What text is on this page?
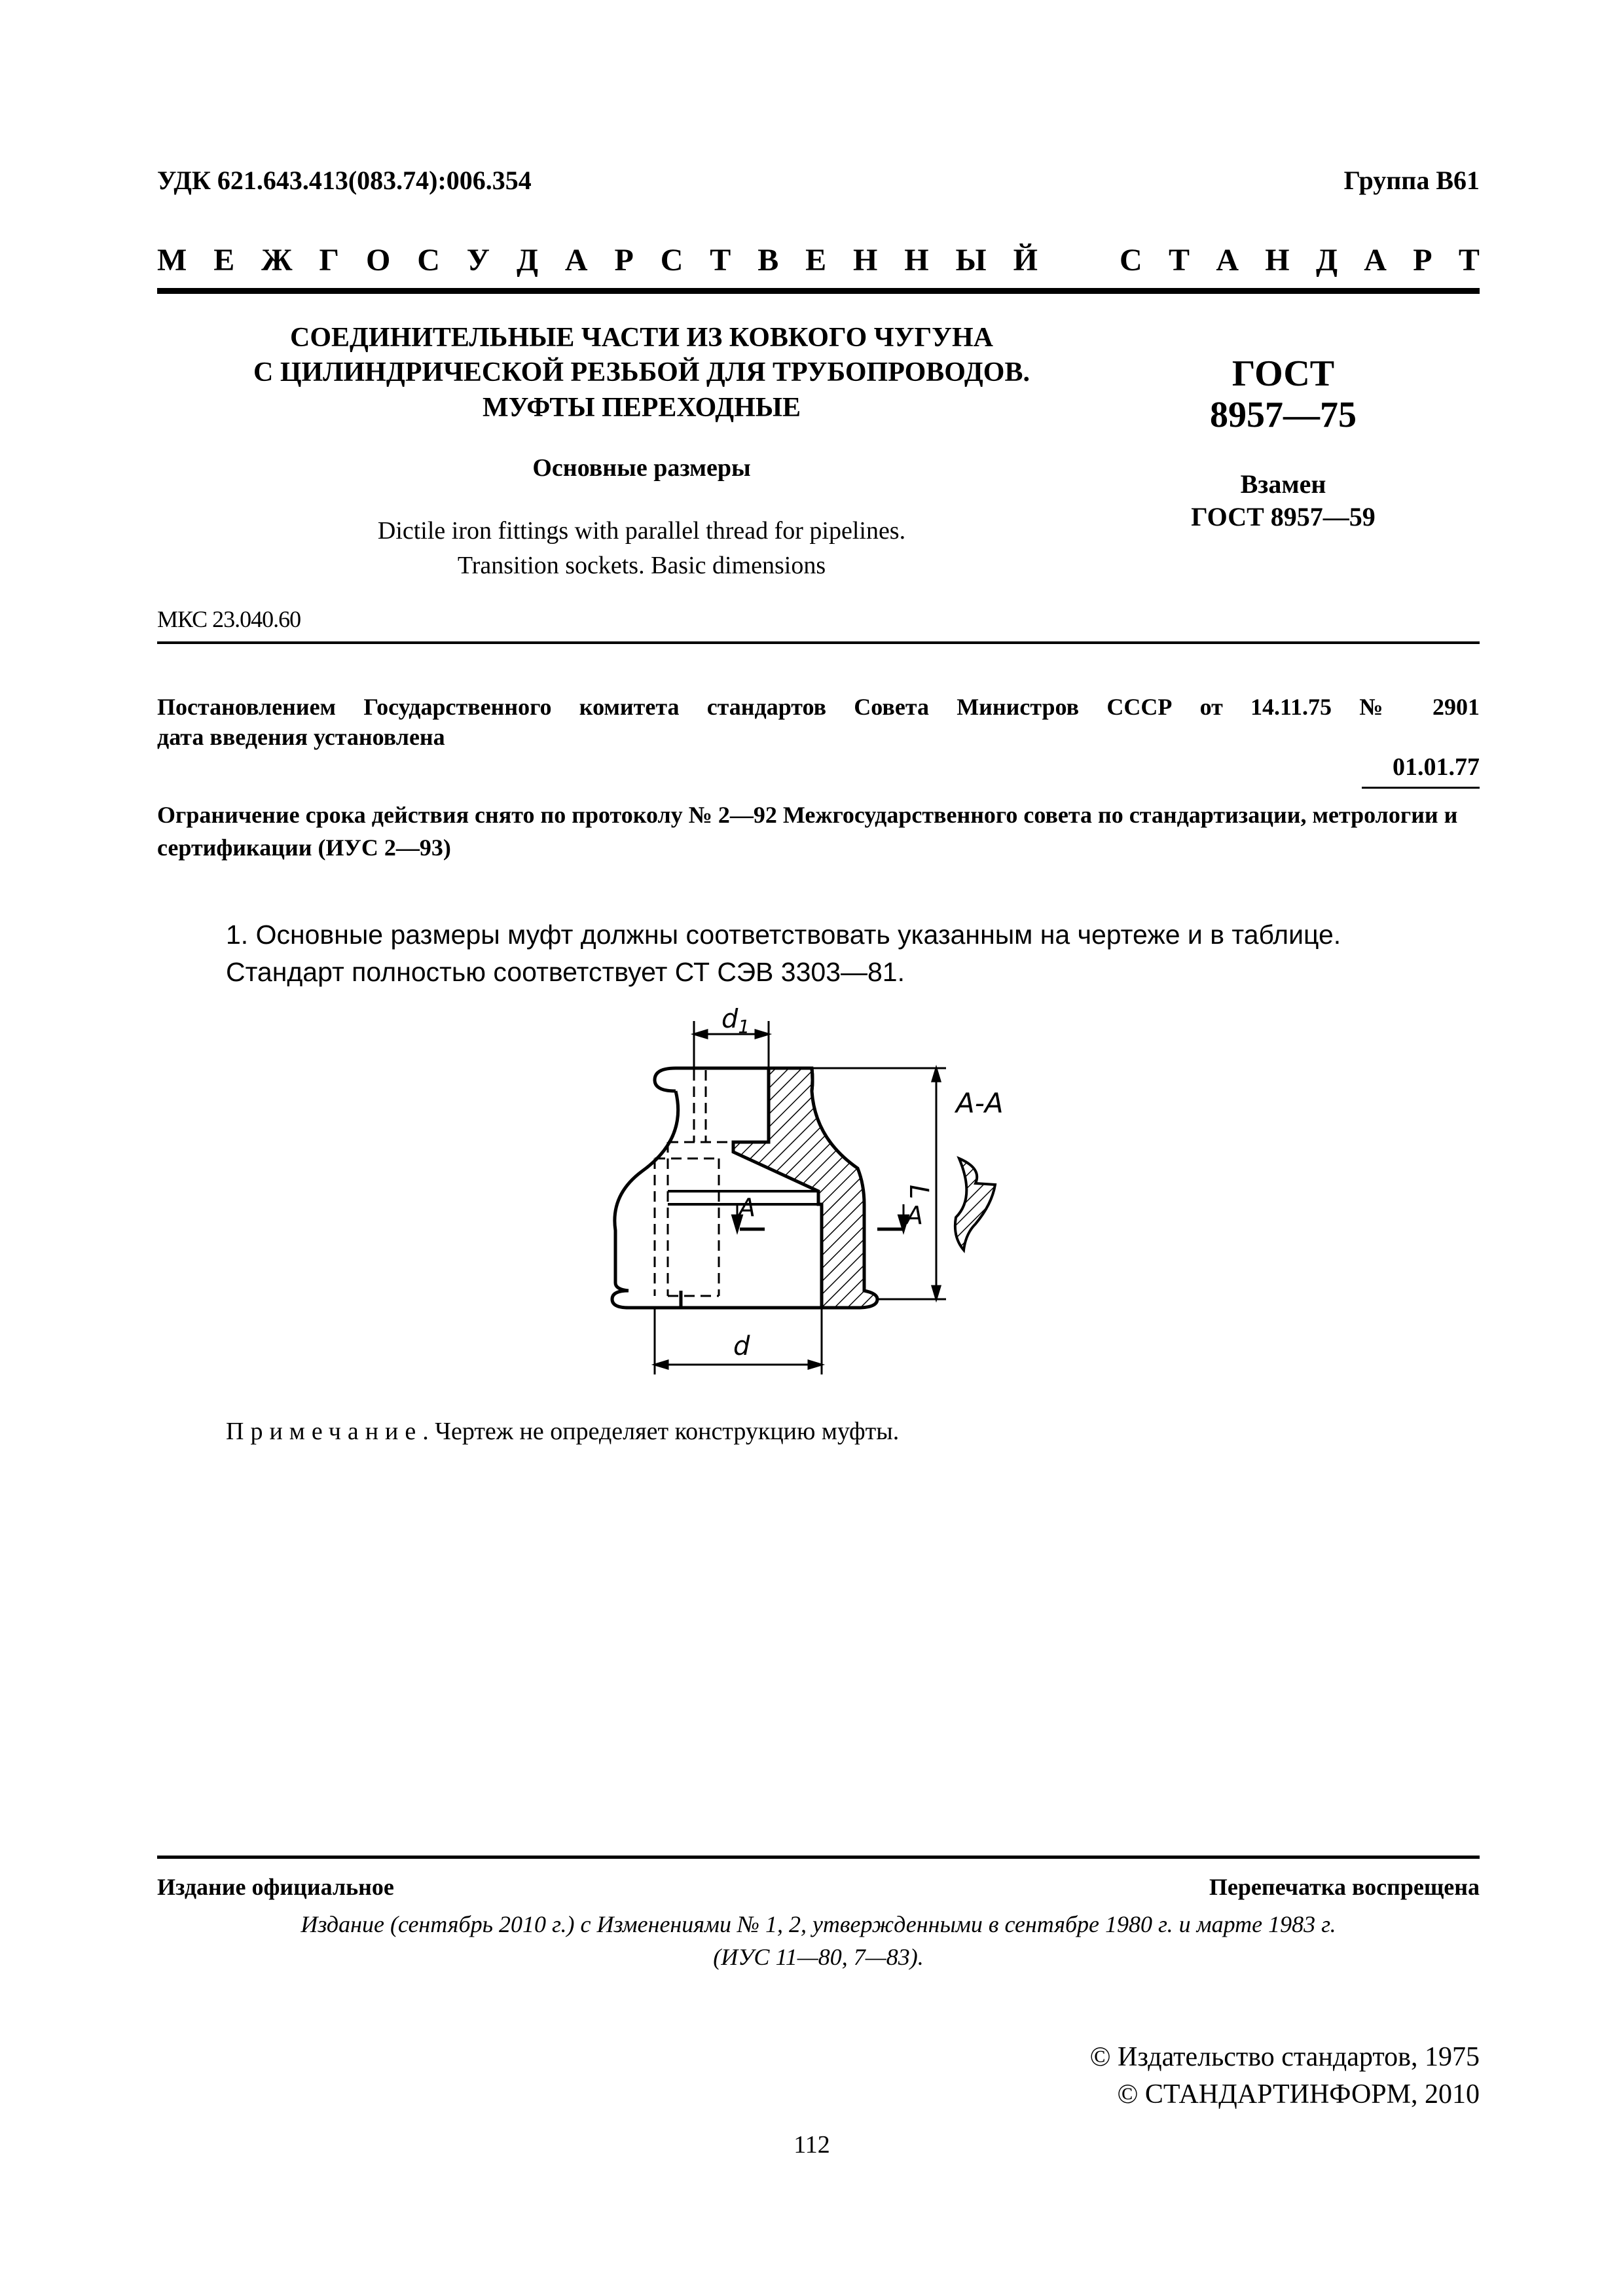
УДК 621.643.413(083.74):006.354	Группа В61
М Е Ж Г О С У Д А Р С Т В Е Н Н Ы Й	С Т А Н Д А Р Т
СОЕДИНИТЕЛЬНЫЕ ЧАСТИ ИЗ КОВКОГО ЧУГУНА
С ЦИЛИНДРИЧЕСКОЙ РЕЗЬБОЙ ДЛЯ ТРУБОПРОВОДОВ.
МУФТЫ ПЕРЕХОДНЫЕ
Основные размеры
Dictile iron fittings with parallel thread for pipelines.
Transition sockets. Basic dimensions
ГОСТ
8957—75
Взамен
ГОСТ 8957—59
МКС 23.040.60
Постановлением Государственного комитета стандартов Совета Министров СССР от 14.11.75 № 2901
дата введения установлена
01.01.77
Ограничение срока действия снято по протоколу № 2—92 Межгосударственного совета по стандартизации, метрологии и сертификации (ИУС 2—93)
1. Основные размеры муфт должны соответствовать указанным на чертеже и в таблице.
Стандарт полностью соответствует СТ СЭВ 3303—81.
$d_1$
L
d
А	А
А-А
Примечание. Чертеж не определяет конструкцию муфты.
Издание официальное	Перепечатка воспрещена
Издание (сентябрь 2010 г.) с Изменениями № 1, 2, утвержденными в сентябре 1980 г. и марте 1983 г.
(ИУС 11—80, 7—83).
© Издательство стандартов, 1975
© СТАНДАРТИНФОРМ, 2010
112
